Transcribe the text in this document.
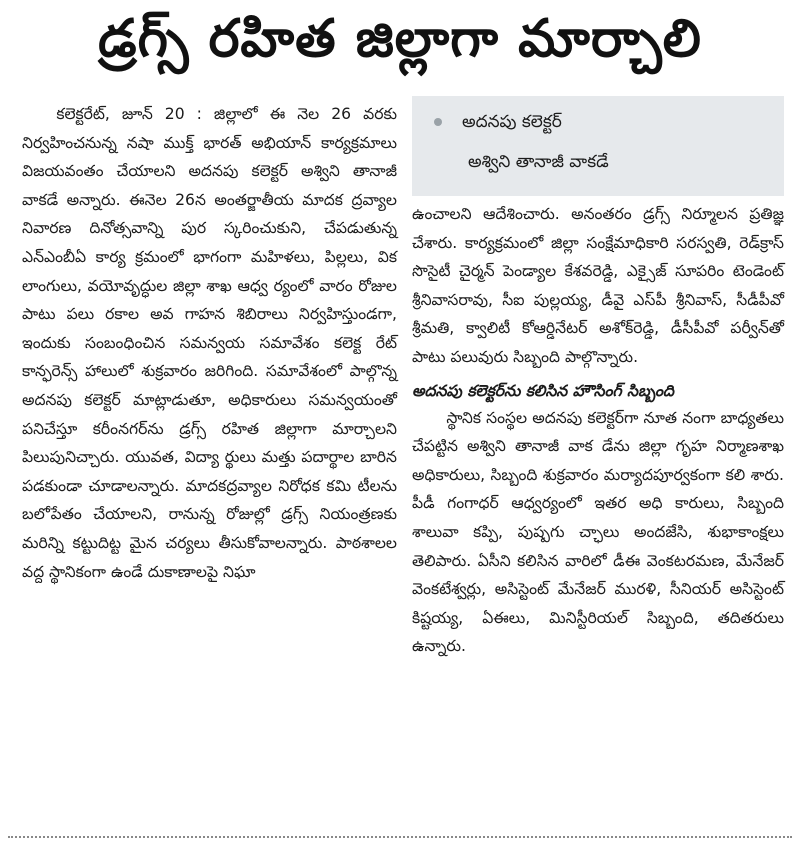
డ్రగ్స్ రహిత జిల్లాగా మార్చాలి

కలెక్టరేట్, జూన్ 20 : జిల్లాలో ఈ నెల 26 వరకు నిర్వహించనున్న నషా ముక్త్ భారత్ అభియాన్ కార్యక్రమాలు విజయవంతం చేయాలని అదనపు కలెక్టర్ అశ్విని తానాజీ వాకడే అన్నారు. ఈనెల 26న అంతర్జాతీయ మాదక ద్రవ్యాల నివారణ దినోత్సవాన్ని పుర స్కరించుకుని, చేపడుతున్న ఎన్ఎంబీఏ కార్య క్రమంలో భాగంగా మహిళలు, పిల్లలు, విక లాంగులు, వయోవృద్ధుల జిల్లా శాఖ ఆధ్వ ర్యంలో వారం రోజుల పాటు పలు రకాల అవ గాహన శిబిరాలు నిర్వహిస్తుండగా, ఇందుకు సంబంధించిన సమన్వయ సమావేశం కలెక్ట రేట్ కాన్ఫరెన్స్ హాలులో శుక్రవారం జరిగింది. సమావేశంలో పాల్గొన్న అదనపు కలెక్టర్ మాట్లాడుతూ, అధికారులు సమన్వయంతో పనిచేస్తూ కరీంనగర్‌ను డ్రగ్స్ రహిత జిల్లాగా మార్చాలని పిలుపునిచ్చారు. యువత, విద్యా ర్థులు మత్తు పదార్థాల బారిన పడకుండా చూడాలన్నారు. మాదకద్రవ్యాల నిరోధక కమి టీలను బలోపేతం చేయాలని, రానున్న రోజుల్లో డ్రగ్స్ నియంత్రణకు మరిన్ని కట్టుదిట్ట మైన చర్యలు తీసుకోవాలన్నారు. పాఠశాలల వద్ద స్థానికంగా ఉండే దుకాణాలపై నిఘా

అదనపు కలెక్టర్
అశ్విని తానాజీ వాకడే

ఉంచాలని ఆదేశించారు. అనంతరం డ్రగ్స్ నిర్మూలన ప్రతిజ్ఞ చేశారు. కార్యక్రమంలో జిల్లా సంక్షేమాధికారి సరస్వతి, రెడ్‌క్రాస్ సొసైటీ చైర్మన్ పెండ్యాల కేశవరెడ్డి, ఎక్సైజ్ సూపరిం టెండెంట్ శ్రీనివాసరావు, సీఐ పుల్లయ్య, డీవై ఎస్‌పీ శ్రీనివాస్, సీడీపీవో శ్రీమతి, క్వాలిటీ కోఆర్డినేటర్ అశోక్‌రెడ్డి, డీసీపీవో పర్వీన్‌తో పాటు పలువురు సిబ్బంది పాల్గొన్నారు.

అదనపు కలెక్టర్‌ను కలిసిన హౌసింగ్ సిబ్బంది

స్థానిక సంస్థల అదనపు కలెక్టర్‌గా నూత నంగా బాధ్యతలు చేపట్టిన అశ్విని తానాజీ వాక డేను జిల్లా గృహ నిర్మాణశాఖ అధికారులు, సిబ్బంది శుక్రవారం మర్యాదపూర్వకంగా కలి శారు. పీడీ గంగాధర్ ఆధ్వర్యంలో ఇతర అధి కారులు, సిబ్బంది శాలువా కప్పి, పుష్పగు చ్ఛాలు అందజేసి, శుభాకాంక్షలు తెలిపారు. ఏసీని కలిసిన వారిలో డీఈ వెంకటరమణ, మేనేజర్ వెంకటేశ్వర్లు, అసిస్టెంట్ మేనేజర్ మురళి, సీనియర్ అసిస్టెంట్ కిష్టయ్య, ఏఈలు, మినిస్టీరియల్ సిబ్బంది, తదితరులు ఉన్నారు.
